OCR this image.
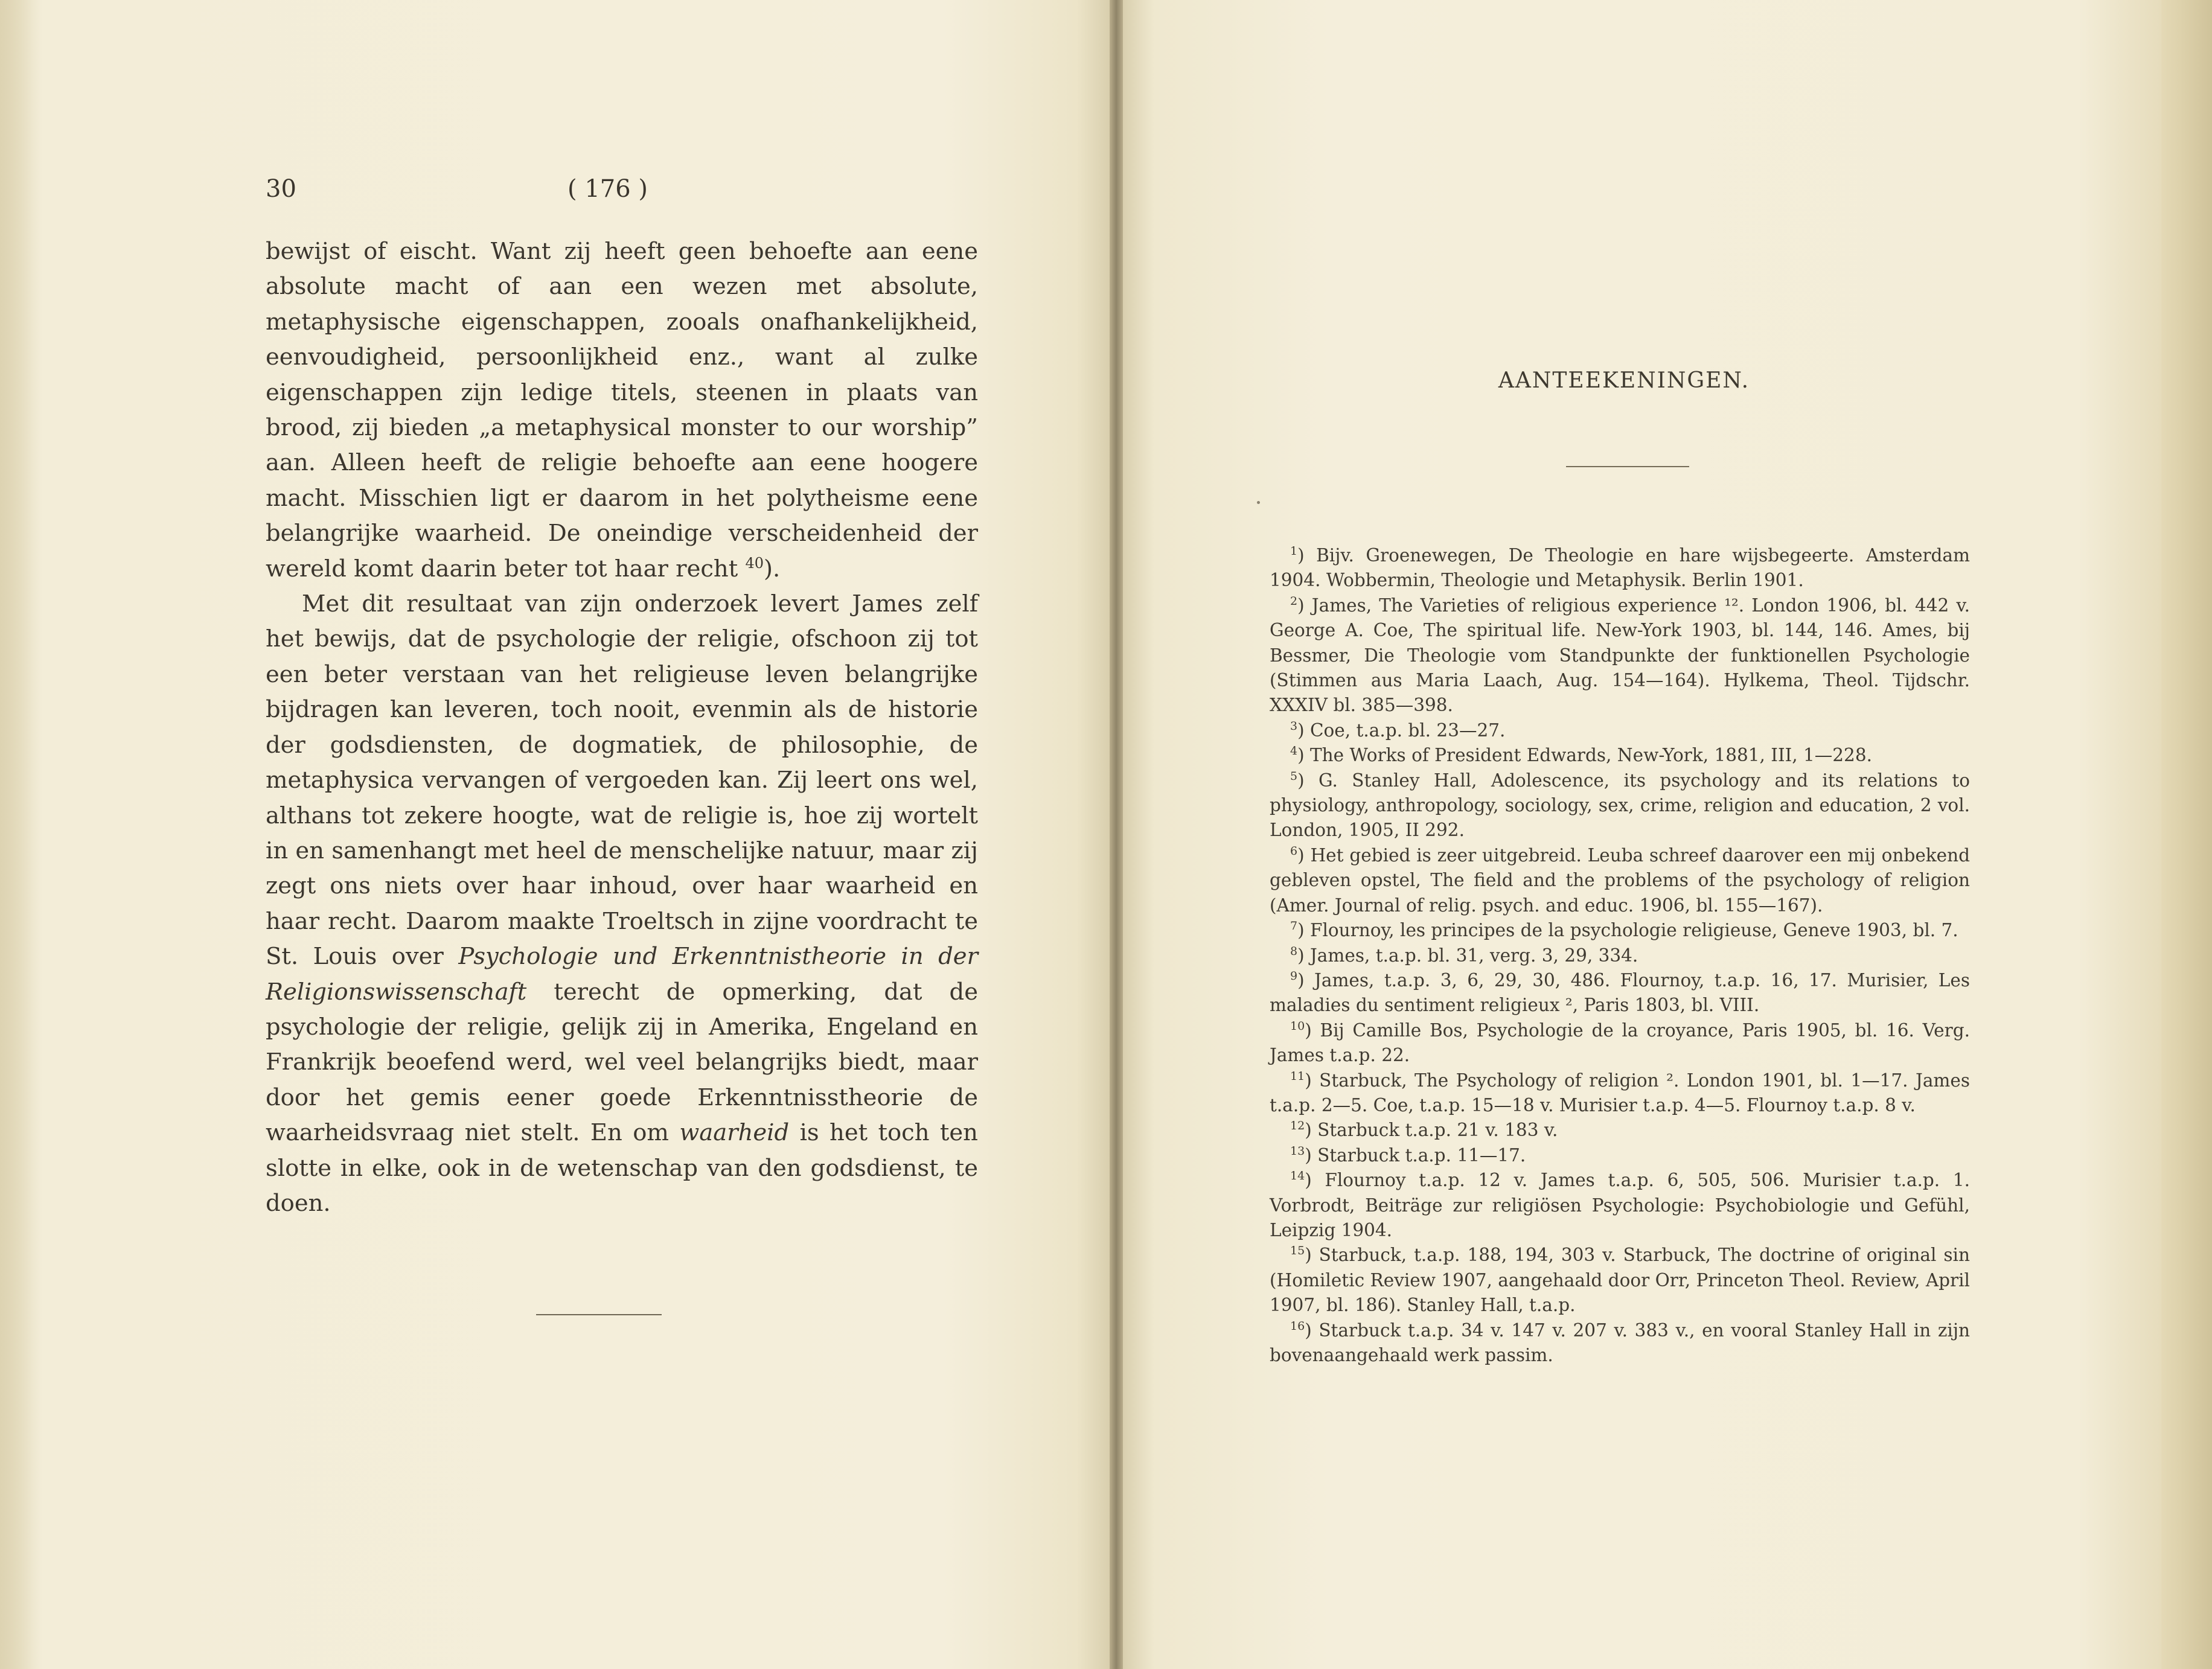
30	( 176 )

bewijst of eischt. Want zij heeft geen behoefte aan eene absolute macht of aan een wezen met absolute, metaphysische eigenschappen, zooals onafhankelijkheid, eenvoudigheid, persoonlijkheid enz., want al zulke eigenschappen zijn ledige titels, steenen in plaats van brood, zij bieden „a metaphysical monster to our worship” aan. Alleen heeft de religie behoefte aan eene hoogere macht. Misschien ligt er daarom in het polytheisme eene belangrijke waarheid. De oneindige verscheidenheid der wereld komt daarin beter tot haar recht $^{40}$).

Met dit resultaat van zijn onderzoek levert James zelf het bewijs, dat de psychologie der religie, ofschoon zij tot een beter verstaan van het religieuse leven belangrijke bijdragen kan leveren, toch nooit, evenmin als de historie der godsdiensten, de dogmatiek, de philosophie, de metaphysica vervangen of vergoeden kan. Zij leert ons wel, althans tot zekere hoogte, wat de religie is, hoe zij wortelt in en samenhangt met heel de menschelijke natuur, maar zij zegt ons niets over haar inhoud, over haar waarheid en haar recht. Daarom maakte Troeltsch in zijne voordracht te St. Louis over Psychologie und Erkenntnistheorie in der Religionswissenschaft terecht de opmerking, dat de psychologie der religie, gelijk zij in Amerika, Engeland en Frankrijk beoefend werd, wel veel belangrijks biedt, maar door het gemis eener goede Erkenntnisstheorie de waarheidsvraag niet stelt. En om waarheid is het toch ten slotte in elke, ook in de wetenschap van den godsdienst, te doen.

AANTEEKENINGEN.

$^1$) Bijv. Groenewegen, De Theologie en hare wijsbegeerte. Amsterdam 1904. Wobbermin, Theologie und Metaphysik. Berlin 1901.

$^2$) James, The Varieties of religious experience ¹². London 1906, bl. 442 v. George A. Coe, The spiritual life. New-York 1903, bl. 144, 146. Ames, bij Bessmer, Die Theologie vom Standpunkte der funktionellen Psychologie (Stimmen aus Maria Laach, Aug. 154—164). Hylkema, Theol. Tijdschr. XXXIV bl. 385—398.

$^3$) Coe, t.a.p. bl. 23—27.

$^4$) The Works of President Edwards, New-York, 1881, III, 1—228.

$^5$) G. Stanley Hall, Adolescence, its psychology and its relations to physiology, anthropology, sociology, sex, crime, religion and education, 2 vol. London, 1905, II 292.

$^6$) Het gebied is zeer uitgebreid. Leuba schreef daarover een mij onbekend gebleven opstel, The field and the problems of the psychology of religion (Amer. Journal of relig. psych. and educ. 1906, bl. 155—167).

$^7$) Flournoy, les principes de la psychologie religieuse, Geneve 1903, bl. 7.

$^8$) James, t.a.p. bl. 31, verg. 3, 29, 334.

$^9$) James, t.a.p. 3, 6, 29, 30, 486. Flournoy, t.a.p. 16, 17. Murisier, Les maladies du sentiment religieux ², Paris 1803, bl. VIII.

$^{10}$) Bij Camille Bos, Psychologie de la croyance, Paris 1905, bl. 16. Verg. James t.a.p. 22.

$^{11}$) Starbuck, The Psychology of religion ². London 1901, bl. 1—17. James t.a.p. 2—5. Coe, t.a.p. 15—18 v. Murisier t.a.p. 4—5. Flournoy t.a.p. 8 v.

$^{12}$) Starbuck t.a.p. 21 v. 183 v.

$^{13}$) Starbuck t.a.p. 11—17.

$^{14}$) Flournoy t.a.p. 12 v. James t.a.p. 6, 505, 506. Murisier t.a.p. 1. Vorbrodt, Beiträge zur religiösen Psychologie: Psychobiologie und Gefühl, Leipzig 1904.

$^{15}$) Starbuck, t.a.p. 188, 194, 303 v. Starbuck, The doctrine of original sin (Homiletic Review 1907, aangehaald door Orr, Princeton Theol. Review, April 1907, bl. 186). Stanley Hall, t.a.p.

$^{16}$) Starbuck t.a.p. 34 v. 147 v. 207 v. 383 v., en vooral Stanley Hall in zijn bovenaangehaald werk passim.
